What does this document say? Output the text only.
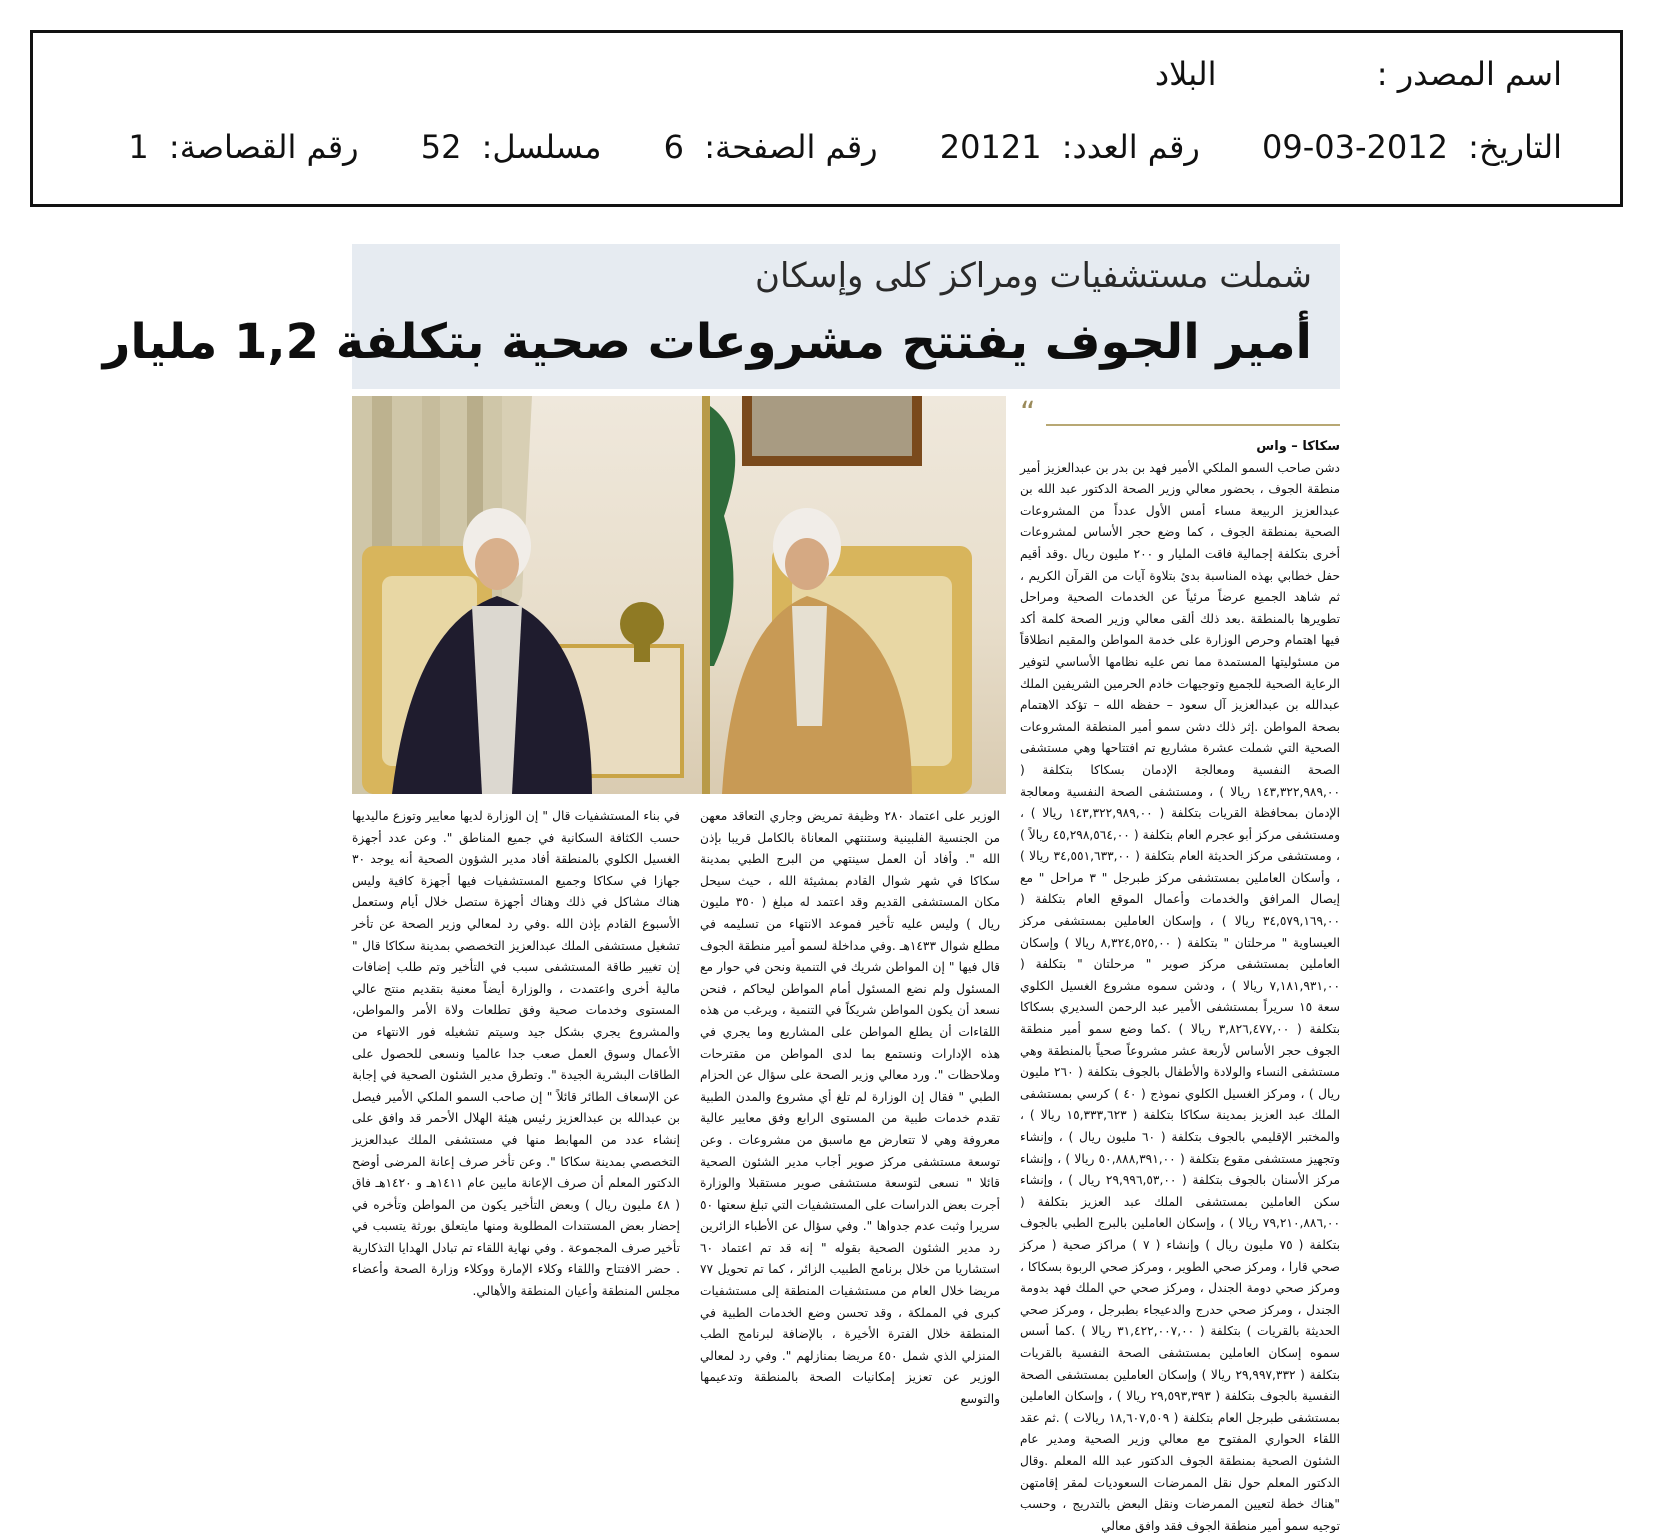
اسم المصدر : البلاد
التاريخ: 2012-03-09 رقم العدد: 20121 رقم الصفحة: 6 مسلسل: 52 رقم القصاصة: 1
شملت مستشفيات ومراكز كلى وإسكان
أمير الجوف يفتتح مشروعات صحية بتكلفة 1,2 مليار
“
سكاكا – واس

دشن صاحب السمو الملكي الأمير فهد بن بدر بن عبدالعزيز أمير منطقة الجوف ، بحضور معالي وزير الصحة الدكتور عبد الله بن عبدالعزيز الربيعة مساء أمس الأول عدداً من المشروعات الصحية بمنطقة الجوف ، كما وضع حجر الأساس لمشروعات أخرى بتكلفة إجمالية فاقت المليار و ٢٠٠ مليون ريال .وقد أقيم حفل خطابي بهذه المناسبة بدئ بتلاوة آيات من القرآن الكريم ، ثم شاهد الجميع عرضاً مرئياً عن الخدمات الصحية ومراحل تطويرها بالمنطقة .بعد ذلك ألقى معالي وزير الصحة كلمة أكد فيها اهتمام وحرص الوزارة على خدمة المواطن والمقيم انطلاقاً من مسئوليتها المستمدة مما نص عليه نظامها الأساسي لتوفير الرعاية الصحية للجميع وتوجيهات خادم الحرمين الشريفين الملك عبدالله بن عبدالعزيز آل سعود – حفظه الله – تؤكد الاهتمام بصحة المواطن .إثر ذلك دشن سمو أمير المنطقة المشروعات الصحية التي شملت عشرة مشاريع تم افتتاحها وهي مستشفى الصحة النفسية ومعالجة الإدمان بسكاكا بتكلفة ( ١٤٣,٣٢٢,٩٨٩,٠٠ ريالا ) ، ومستشفى الصحة النفسية ومعالجة الإدمان بمحافظة القريات بتكلفة ( ١٤٣,٣٢٢,٩٨٩,٠٠ ريالا ) ، ومستشفى مركز أبو عجرم العام بتكلفة ( ٤٥,٢٩٨,٥٦٤,٠٠ ريالاً ) ، ومستشفى مركز الحديثة العام بتكلفة ( ٣٤,٥٥١,٦٣٣,٠٠ ريالا ) ، وأسكان العاملين بمستشفى مركز طبرجل " ٣ مراحل " مع إيصال المرافق والخدمات وأعمال الموقع العام بتكلفة ( ٣٤,٥٧٩,١٦٩,٠٠ ريالا ) ، وإسكان العاملين بمستشفى مركز العيساوية " مرحلتان " بتكلفة ( ٨,٣٢٤,٥٢٥,٠٠ ريالا ) وإسكان العاملين بمستشفى مركز صوير " مرحلتان " بتكلفة ( ٧,١٨١,٩٣١,٠٠ ريالا ) ، ودشن سموه مشروع الغسيل الكلوي سعة ١٥ سريراً بمستشفى الأمير عبد الرحمن السديري بسكاكا بتكلفة ( ٣,٨٢٦,٤٧٧,٠٠ ريالا ) .كما وضع سمو أمير منطقة الجوف حجر الأساس لأربعة عشر مشروعاً صحياً بالمنطقة وهي مستشفى النساء والولادة والأطفال بالجوف بتكلفة ( ٢٦٠ مليون ريال ) ، ومركز الغسيل الكلوي نموذج ( ٤٠ ) كرسي بمستشفى الملك عبد العزيز بمدينة سكاكا بتكلفة ( ١٥,٣٣٣,٦٢٣ ريالا ) ، والمختبر الإقليمي بالجوف بتكلفة ( ٦٠ مليون ريال ) ، وإنشاء وتجهيز مستشفى مقوع بتكلفة ( ٥٠,٨٨٨,٣٩١,٠٠ ريالا ) ، وإنشاء مركز الأسنان بالجوف بتكلفة ( ٢٩,٩٩٦,٥٣,٠٠ ريال ) ، وإنشاء سكن العاملين بمستشفى الملك عبد العزيز بتكلفة ( ٧٩,٢١٠,٨٨٦,٠٠ ريالا ) ، وإسكان العاملين بالبرج الطبي بالجوف بتكلفة ( ٧٥ مليون ريال ) وإنشاء ( ٧ ) مراكز صحية ( مركز صحي قارا ، ومركز صحي الطوير ، ومركز صحي الربوة بسكاكا ، ومركز صحي دومة الجندل ، ومركز صحي حي الملك فهد بدومة الجندل ، ومركز صحي حدرج والدعيجاء بطبرجل ، ومركز صحي الحديثة بالقريات ) بتكلفة ( ٣١,٤٢٢,٠٠٧,٠٠ ريالا ) .كما أسس سموه إسكان العاملين بمستشفى الصحة النفسية بالقريات بتكلفة ( ٢٩,٩٩٧,٣٣٢ ريالا ) وإسكان العاملين بمستشفى الصحة النفسية بالجوف بتكلفة ( ٢٩,٥٩٣,٣٩٣ ريالا ) ، وإسكان العاملين بمستشفى طبرجل العام بتكلفة ( ١٨,٦٠٧,٥٠٩ ريالات ) .ثم عقد اللقاء الحواري المفتوح مع معالي وزير الصحية ومدير عام الشئون الصحية بمنطقة الجوف الدكتور عبد الله المعلم .وقال الدكتور المعلم حول نقل الممرضات السعوديات لمقر إقامتهن "هناك خطة لتعيين الممرضات ونقل البعض بالتدريج ، وحسب توجيه سمو أمير منطقة الجوف فقد وافق معالي

الوزير على اعتماد ٢٨٠ وظيفة تمريض وجاري التعاقد معهن من الجنسية الفلبينية وستنتهي المعاناة بالكامل قريبا بإذن الله ". وأفاد أن العمل سينتهي من البرج الطبي بمدينة سكاكا في شهر شوال القادم بمشيئة الله ، حيث سيحل مكان المستشفى القديم وقد اعتمد له مبلغ ( ٣٥٠ مليون ريال ) وليس عليه تأخير فموعد الانتهاء من تسليمه في مطلع شوال ١٤٣٣هـ .وفي مداخلة لسمو أمير منطقة الجوف قال فيها " إن المواطن شريك في التنمية ونحن في حوار مع المسئول ولم نضع المسئول أمام المواطن ليحاكم ، فنحن نسعد أن يكون المواطن شريكاً في التنمية ، ويرغب من هذه اللقاءات أن يطلع المواطن على المشاريع وما يجري في هذه الإدارات ونستمع بما لدى المواطن من مقترحات وملاحظات ". ورد معالي وزير الصحة على سؤال عن الحزام الطبي " فقال إن الوزارة لم تلغ أي مشروع والمدن الطبية تقدم خدمات طبية من المستوى الرابع وفق معايير عالية معروفة وهي لا تتعارض مع ماسبق من مشروعات . وعن توسعة مستشفى مركز صوير أجاب مدير الشئون الصحية قائلا " نسعى لتوسعة مستشفى صوير مستقبلا والوزارة أجرت بعض الدراسات على المستشفيات التي تبلغ سعتها ٥٠ سريرا وثبت عدم جدواها ". وفي سؤال عن الأطباء الزائرين رد مدير الشئون الصحية بقوله " إنه قد تم اعتماد ٦٠ استشاريا من خلال برنامج الطبيب الزائر ، كما تم تحويل ٧٧ مريضا خلال العام من مستشفيات المنطقة إلى مستشفيات كبرى في المملكة ، وقد تحسن وضع الخدمات الطبية في المنطقة خلال الفترة الأخيرة ، بالإضافة لبرنامج الطب المنزلي الذي شمل ٤٥٠ مريضا بمنازلهم ". وفي رد لمعالي الوزير عن تعزيز إمكانيات الصحة بالمنطقة وتدعيمها والتوسع

في بناء المستشفيات قال " إن الوزارة لديها معايير وتوزع ماليديها حسب الكثافة السكانية في جميع المناطق ". وعن عدد أجهزة الغسيل الكلوي بالمنطقة أفاد مدير الشؤون الصحية أنه يوجد ٣٠ جهازا في سكاكا وجميع المستشفيات فيها أجهزة كافية وليس هناك مشاكل في ذلك وهناك أجهزة ستصل خلال أيام وستعمل الأسبوع القادم بإذن الله .وفي رد لمعالي وزير الصحة عن تأخر تشغيل مستشفى الملك عبدالعزيز التخصصي بمدينة سكاكا قال " إن تغيير طاقة المستشفى سبب في التأخير وتم طلب إضافات مالية أخرى واعتمدت ، والوزارة أيضاً معنية بتقديم منتج عالي المستوى وخدمات صحية وفق تطلعات ولاة الأمر والمواطن، والمشروع يجري بشكل جيد وسيتم تشغيله فور الانتهاء من الأعمال وسوق العمل صعب جدا عالميا ونسعى للحصول على الطاقات البشرية الجيدة ". وتطرق مدير الشئون الصحية في إجابة عن الإسعاف الطائر قائلاً " إن صاحب السمو الملكي الأمير فيصل بن عبدالله بن عبدالعزيز رئيس هيئة الهلال الأحمر قد وافق على إنشاء عدد من المهابط منها في مستشفى الملك عبدالعزيز التخصصي بمدينة سكاكا ". وعن تأخر صرف إعانة المرضى أوضح الدكتور المعلم أن صرف الإعانة مابين عام ١٤١١هـ و ١٤٢٠هـ فاق ( ٤٨ مليون ريال ) وبعض التأخير يكون من المواطن وتأخره في إحضار بعض المستندات المطلوبة ومنها مايتعلق بورثة يتسبب في تأخير صرف المجموعة . وفي نهاية اللقاء تم تبادل الهدايا التذكارية . حضر الافتتاح واللقاء وكلاء الإمارة ووكلاء وزارة الصحة وأعضاء مجلس المنطقة وأعيان المنطقة والأهالي.
